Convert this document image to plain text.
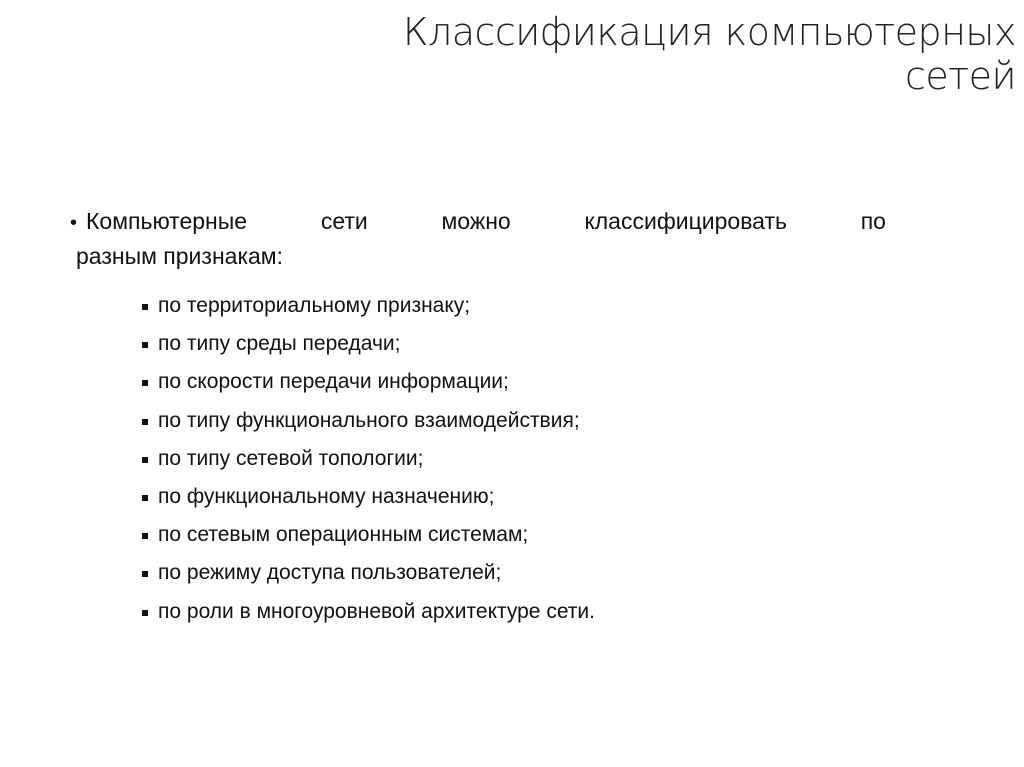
Классификация компьютерных
сетей
• Компьютерные	сети	можно	классифицировать	по
разным признакам:
по территориальному признаку;
по типу среды передачи;
по скорости передачи информации;
по типу функционального взаимодействия;
по типу сетевой топологии;
по функциональному назначению;
по сетевым операционным системам;
по режиму доступа пользователей;
по роли в многоуровневой архитектуре сети.
